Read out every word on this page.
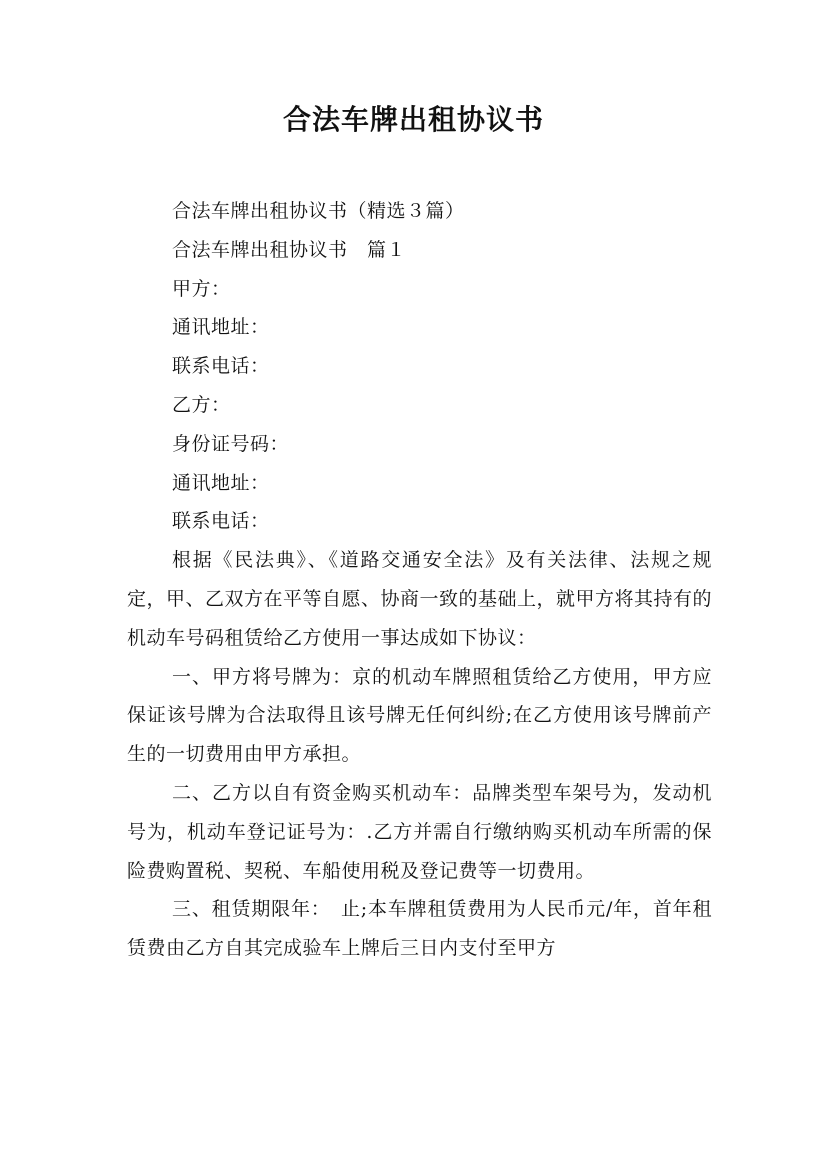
合法车牌出租协议书

合法车牌出租协议书（精选３篇）

合法车牌出租协议书　篇１

甲方：

通讯地址：

联系电话：

乙方：

身份证号码：

通讯地址：

联系电话：

根据《民法典》、《道路交通安全法》及有关法律、法规之规定，甲、乙双方在平等自愿、协商一致的基础上，就甲方将其持有的机动车号码租赁给乙方使用一事达成如下协议：

一、甲方将号牌为：京的机动车牌照租赁给乙方使用，甲方应保证该号牌为合法取得且该号牌无任何纠纷;在乙方使用该号牌前产生的一切费用由甲方承担。

二、乙方以自有资金购买机动车：品牌类型车架号为，发动机号为，机动车登记证号为：.乙方并需自行缴纳购买机动车所需的保险费购置税、契税、车船使用税及登记费等一切费用。

三、租赁期限年：　止;本车牌租赁费用为人民币元/年，首年租赁费由乙方自其完成验车上牌后三日内支付至甲方
